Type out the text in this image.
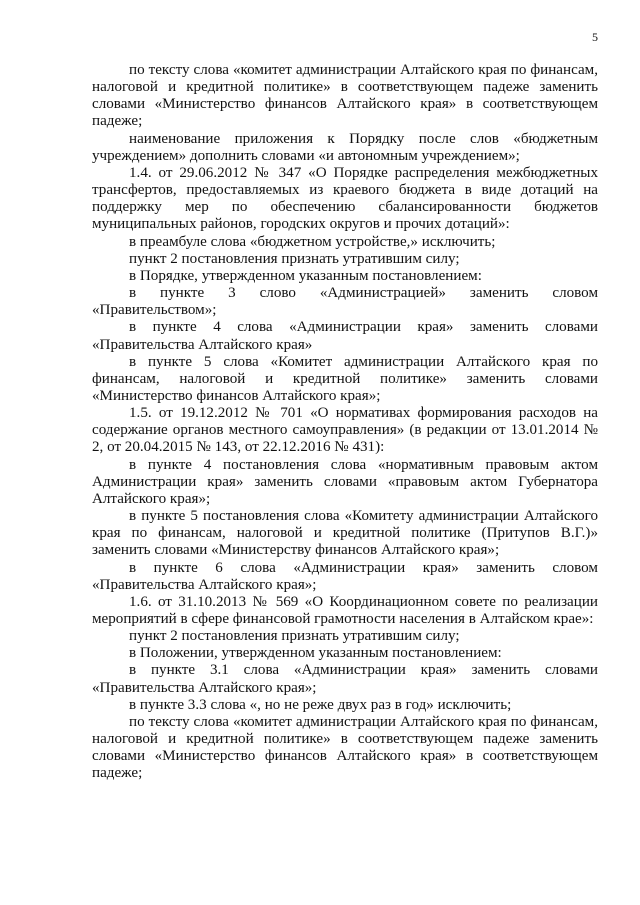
5

по тексту слова «комитет администрации Алтайского края по финансам, налоговой и кредитной политике» в соответствующем падеже заменить словами «Министерство финансов Алтайского края» в соответствующем падеже;

наименование приложения к Порядку после слов «бюджетным учреждением» дополнить словами «и автономным учреждением»;

1.4. от 29.06.2012 № 347 «О Порядке распределения межбюджетных трансфертов, предоставляемых из краевого бюджета в виде дотаций на поддержку мер по обеспечению сбалансированности бюджетов муниципальных районов, городских округов и прочих дотаций»:

в преамбуле слова «бюджетном устройстве,» исключить;

пункт 2 постановления признать утратившим силу;

в Порядке, утвержденном указанным постановлением:

в пункте 3 слово «Администрацией» заменить словом «Правительством»;

в пункте 4 слова «Администрации края» заменить словами «Правительства Алтайского края»

в пункте 5 слова «Комитет администрации Алтайского края по финансам, налоговой и кредитной политике» заменить словами «Министерство финансов Алтайского края»;

1.5. от 19.12.2012 № 701 «О нормативах формирования расходов на содержание органов местного самоуправления» (в редакции от 13.01.2014 № 2, от 20.04.2015 № 143, от 22.12.2016 № 431):

в пункте 4 постановления слова «нормативным правовым актом Администрации края» заменить словами «правовым актом Губернатора Алтайского края»;

в пункте 5 постановления слова «Комитету администрации Алтайского края по финансам, налоговой и кредитной политике (Притупов В.Г.)» заменить словами «Министерству финансов Алтайского края»;

в пункте 6 слова «Администрации края» заменить словом «Правительства Алтайского края»;

1.6. от 31.10.2013 № 569 «О Координационном совете по реализации мероприятий в сфере финансовой грамотности населения в Алтайском крае»:

пункт 2 постановления признать утратившим силу;

в Положении, утвержденном указанным постановлением:

в пункте 3.1 слова «Администрации края» заменить словами «Правительства Алтайского края»;

в пункте 3.3 слова «, но не реже двух раз в год» исключить;

по тексту слова «комитет администрации Алтайского края по финансам, налоговой и кредитной политике» в соответствующем падеже заменить словами «Министерство финансов Алтайского края» в соответствующем падеже;
